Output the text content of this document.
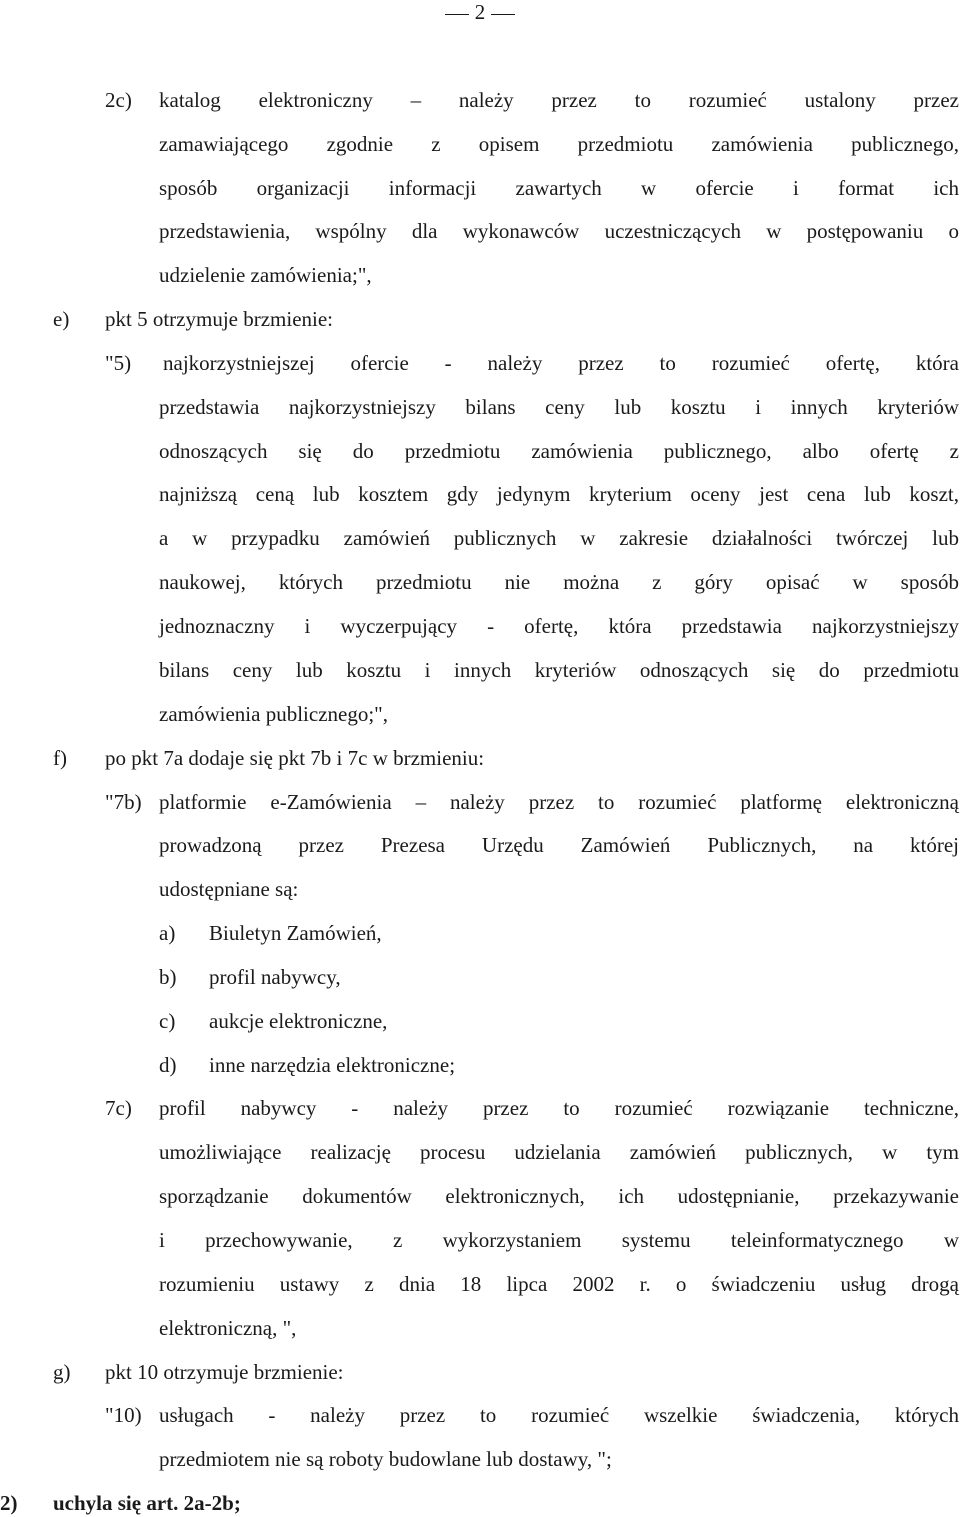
2
2c) katalog elektroniczny – należy przez to rozumieć ustalony przez
zamawiającego zgodnie z opisem przedmiotu zamówienia publicznego,
sposób organizacji informacji zawartych w ofercie i format ich
przedstawienia, wspólny dla wykonawców uczestniczących w postępowaniu o
udzielenie zamówienia;",
e) pkt 5 otrzymuje brzmienie:
"5) najkorzystniejszej ofercie - należy przez to rozumieć ofertę, która
przedstawia najkorzystniejszy bilans ceny lub kosztu i innych kryteriów
odnoszących się do przedmiotu zamówienia publicznego, albo ofertę z
najniższą ceną lub kosztem gdy jedynym kryterium oceny jest cena lub koszt,
a w przypadku zamówień publicznych w zakresie działalności twórczej lub
naukowej, których przedmiotu nie można z góry opisać w sposób
jednoznaczny i wyczerpujący - ofertę, która przedstawia najkorzystniejszy
bilans ceny lub kosztu i innych kryteriów odnoszących się do przedmiotu
zamówienia publicznego;",
f) po pkt 7a dodaje się pkt 7b i 7c w brzmieniu:
"7b) platformie e-Zamówienia – należy przez to rozumieć platformę elektroniczną
prowadzoną przez Prezesa Urzędu Zamówień Publicznych, na której
udostępniane są:
a) Biuletyn Zamówień,
b) profil nabywcy,
c) aukcje elektroniczne,
d) inne narzędzia elektroniczne;
7c) profil nabywcy - należy przez to rozumieć rozwiązanie techniczne,
umożliwiające realizację procesu udzielania zamówień publicznych, w tym
sporządzanie dokumentów elektronicznych, ich udostępnianie, przekazywanie
i przechowywanie, z wykorzystaniem systemu teleinformatycznego w
rozumieniu ustawy z dnia 18 lipca 2002 r. o świadczeniu usług drogą
elektroniczną, ",
g) pkt 10 otrzymuje brzmienie:
"10) usługach - należy przez to rozumieć wszelkie świadczenia, których
przedmiotem nie są roboty budowlane lub dostawy, ";
2) uchyla się art. 2a-2b;
